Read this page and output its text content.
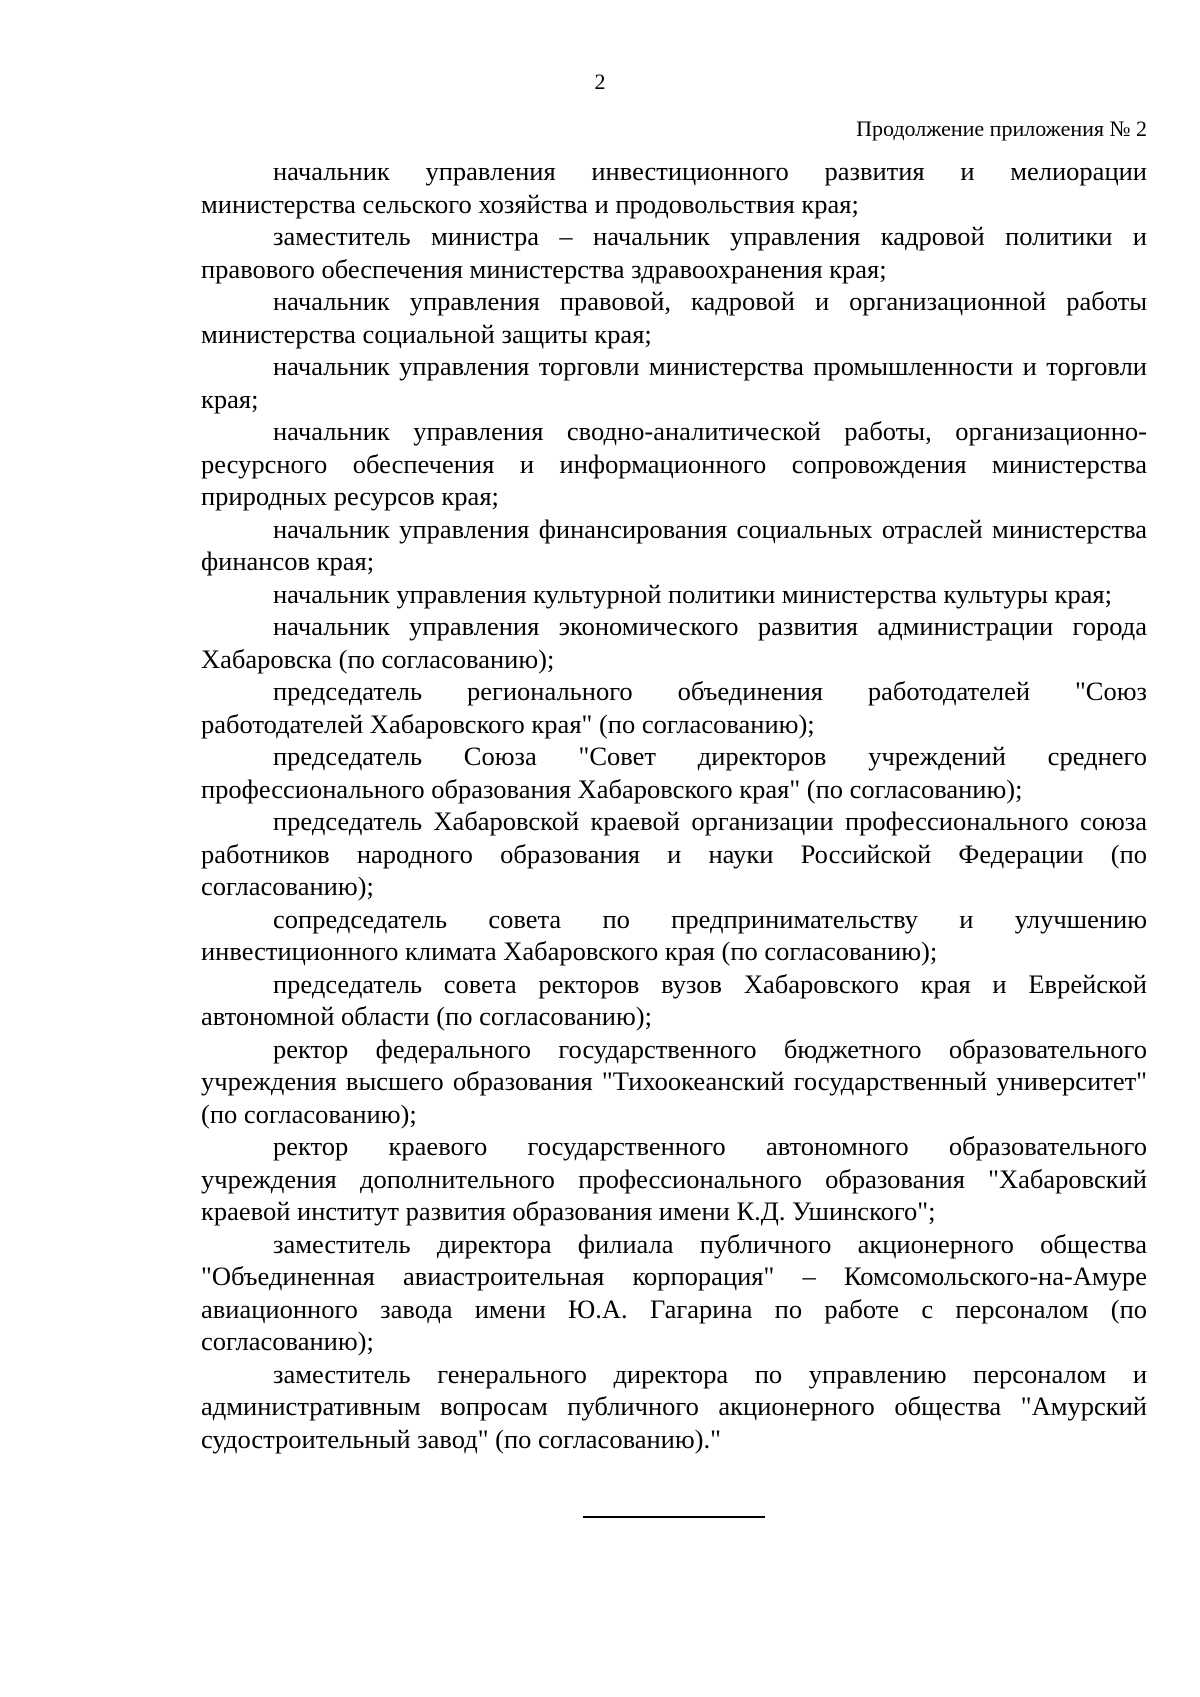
2
Продолжение приложения № 2

начальник управления инвестиционного развития и мелиорации министерства сельского хозяйства и продовольствия края;

заместитель министра – начальник управления кадровой политики и правового обеспечения министерства здравоохранения края;

начальник управления правовой, кадровой и организационной работы министерства социальной защиты края;

начальник управления торговли министерства промышленности и торговли края;

начальник управления сводно-аналитической работы, организационно-ресурсного обеспечения и информационного сопровождения министерства природных ресурсов края;

начальник управления финансирования социальных отраслей министерства финансов края;

начальник управления культурной политики министерства культуры края;

начальник управления экономического развития администрации города Хабаровска (по согласованию);

председатель регионального объединения работодателей "Союз работодателей Хабаровского края" (по согласованию);

председатель Союза "Совет директоров учреждений среднего профессионального образования Хабаровского края" (по согласованию);

председатель Хабаровской краевой организации профессионального союза работников народного образования и науки Российской Федерации (по согласованию);

сопредседатель совета по предпринимательству и улучшению инвестиционного климата Хабаровского края (по согласованию);

председатель совета ректоров вузов Хабаровского края и Еврейской автономной области (по согласованию);

ректор федерального государственного бюджетного образовательного учреждения высшего образования "Тихоокеанский государственный университет" (по согласованию);

ректор краевого государственного автономного образовательного учреждения дополнительного профессионального образования "Хабаровский краевой институт развития образования имени К.Д. Ушинского";

заместитель директора филиала публичного акционерного общества "Объединенная авиастроительная корпорация" – Комсомольского-на-Амуре авиационного завода имени Ю.А. Гагарина по работе с персоналом (по согласованию);

заместитель генерального директора по управлению персоналом и административным вопросам публичного акционерного общества "Амурский судостроительный завод" (по согласованию)."
